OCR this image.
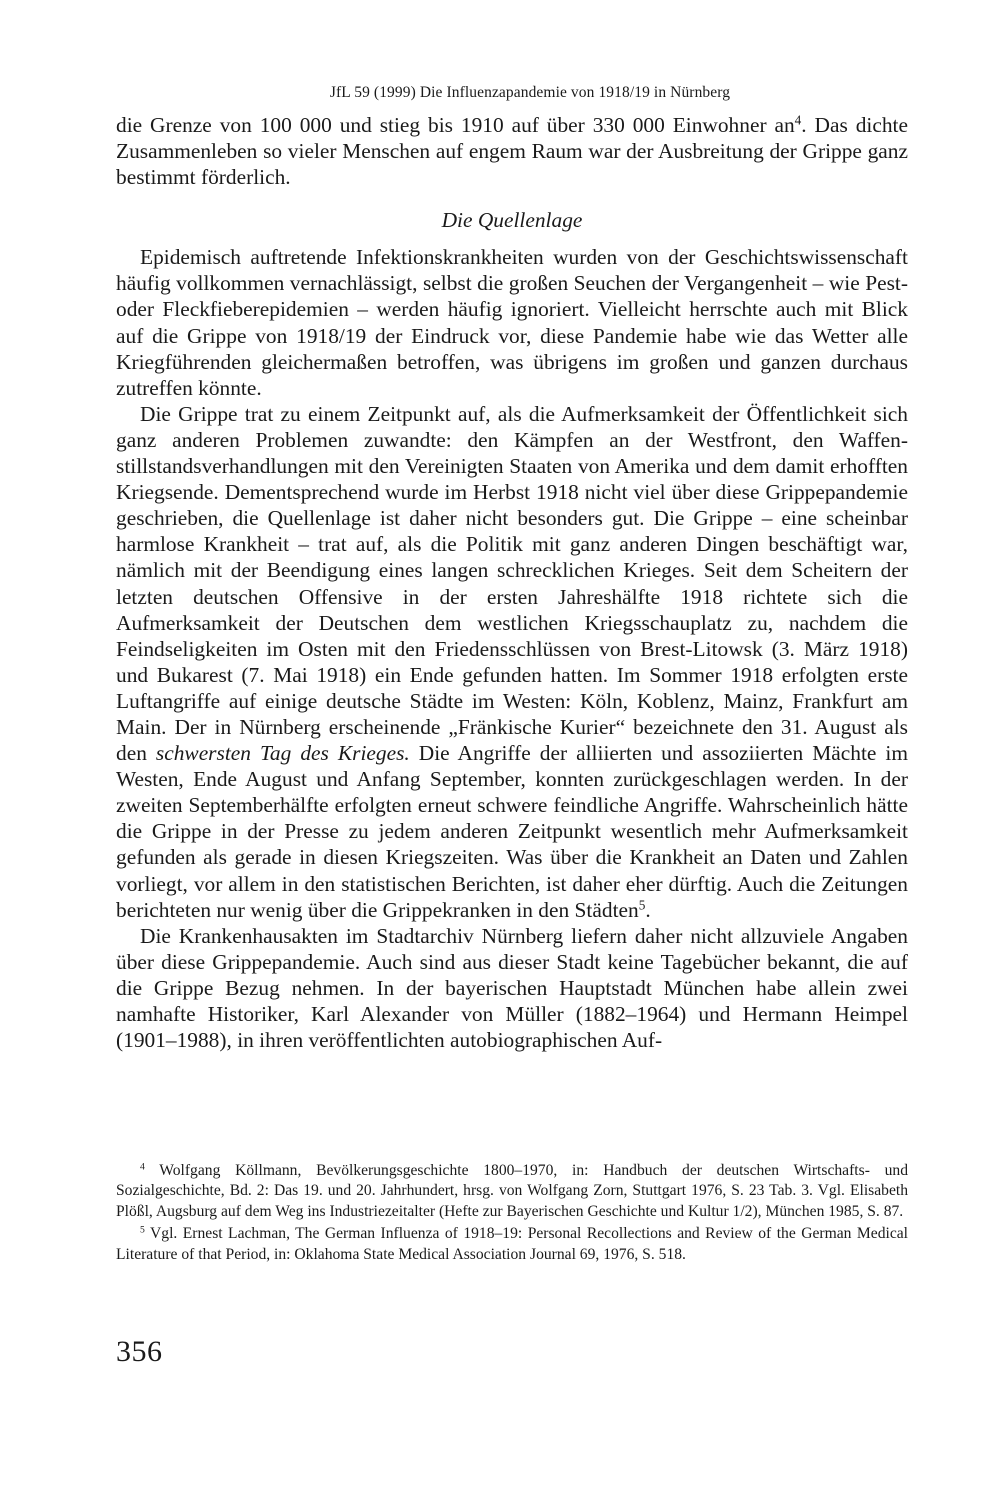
JfL 59 (1999) Die Influenzapandemie von 1918/19 in Nürnberg

die Grenze von 100 000 und stieg bis 1910 auf über 330 000 Einwohner $an^4$. Das dichte Zusammenleben so vieler Menschen auf engem Raum war der Ausbreitung der Grippe ganz bestimmt förderlich.

Die Quellenlage

Epidemisch auftretende Infektionskrankheiten wurden von der Geschichtswissenschaft häufig vollkommen vernachlässigt, selbst die großen Seuchen der Vergangenheit – wie Pest- oder Fleckfieberepidemien – werden häufig ignoriert. Vielleicht herrschte auch mit Blick auf die Grippe von 1918/19 der Eindruck vor, diese Pandemie habe wie das Wetter alle Kriegführenden gleichermaßen betroffen, was übrigens im großen und ganzen durchaus zutreffen könnte.

Die Grippe trat zu einem Zeitpunkt auf, als die Aufmerksamkeit der Öffentlichkeit sich ganz anderen Problemen zuwandte: den Kämpfen an der Westfront, den Waffenstillstandsverhandlungen mit den Vereinigten Staaten von Amerika und dem damit erhofften Kriegsende. Dementsprechend wurde im Herbst 1918 nicht viel über diese Grippepandemie geschrieben, die Quellenlage ist daher nicht besonders gut. Die Grippe – eine scheinbar harmlose Krankheit – trat auf, als die Politik mit ganz anderen Dingen beschäftigt war, nämlich mit der Beendigung eines langen schrecklichen Krieges. Seit dem Scheitern der letzten deutschen Offensive in der ersten Jahreshälfte 1918 richtete sich die Aufmerksamkeit der Deutschen dem westlichen Kriegsschauplatz zu, nachdem die Feindseligkeiten im Osten mit den Friedensschlüssen von Brest-Litowsk (3. März 1918) und Bukarest (7. Mai 1918) ein Ende gefunden hatten. Im Sommer 1918 erfolgten erste Luftangriffe auf einige deutsche Städte im Westen: Köln, Koblenz, Mainz, Frankfurt am Main. Der in Nürnberg erscheinende „Fränkische Kurier“ bezeichnete den 31. August als den schwersten Tag des Krieges. Die Angriffe der alliierten und assoziierten Mächte im Westen, Ende August und Anfang September, konnten zurückgeschlagen werden. In der zweiten Septemberhälfte erfolgten erneut schwere feindliche Angriffe. Wahrscheinlich hätte die Grippe in der Presse zu jedem anderen Zeitpunkt wesentlich mehr Aufmerksamkeit gefunden als gerade in diesen Kriegszeiten. Was über die Krankheit an Daten und Zahlen vorliegt, vor allem in den statistischen Berichten, ist daher eher dürftig. Auch die Zeitungen berichteten nur wenig über die Grippekranken in den Städten$^5$.

Die Krankenhausakten im Stadtarchiv Nürnberg liefern daher nicht allzuviele Angaben über diese Grippepandemie. Auch sind aus dieser Stadt keine Tagebücher bekannt, die auf die Grippe Bezug nehmen. In der bayerischen Hauptstadt München habe allein zwei namhafte Historiker, Karl Alexander von Müller (1882–1964) und Hermann Heimpel (1901–1988), in ihren veröffentlichten autobiographischen Auf-

$^4$ Wolfgang Köllmann, Bevölkerungsgeschichte 1800–1970, in: Handbuch der deutschen Wirtschafts- und Sozialgeschichte, Bd. 2: Das 19. und 20. Jahrhundert, hrsg. von Wolfgang Zorn, Stuttgart 1976, S. 23 Tab. 3. Vgl. Elisabeth Plößl, Augsburg auf dem Weg ins Industriezeitalter (Hefte zur Bayerischen Geschichte und Kultur 1/2), München 1985, S. 87.

$^5$ Vgl. Ernest Lachman, The German Influenza of 1918–19: Personal Recollections and Review of the German Medical Literature of that Period, in: Oklahoma State Medical Association Journal 69, 1976, S. 518.

356
